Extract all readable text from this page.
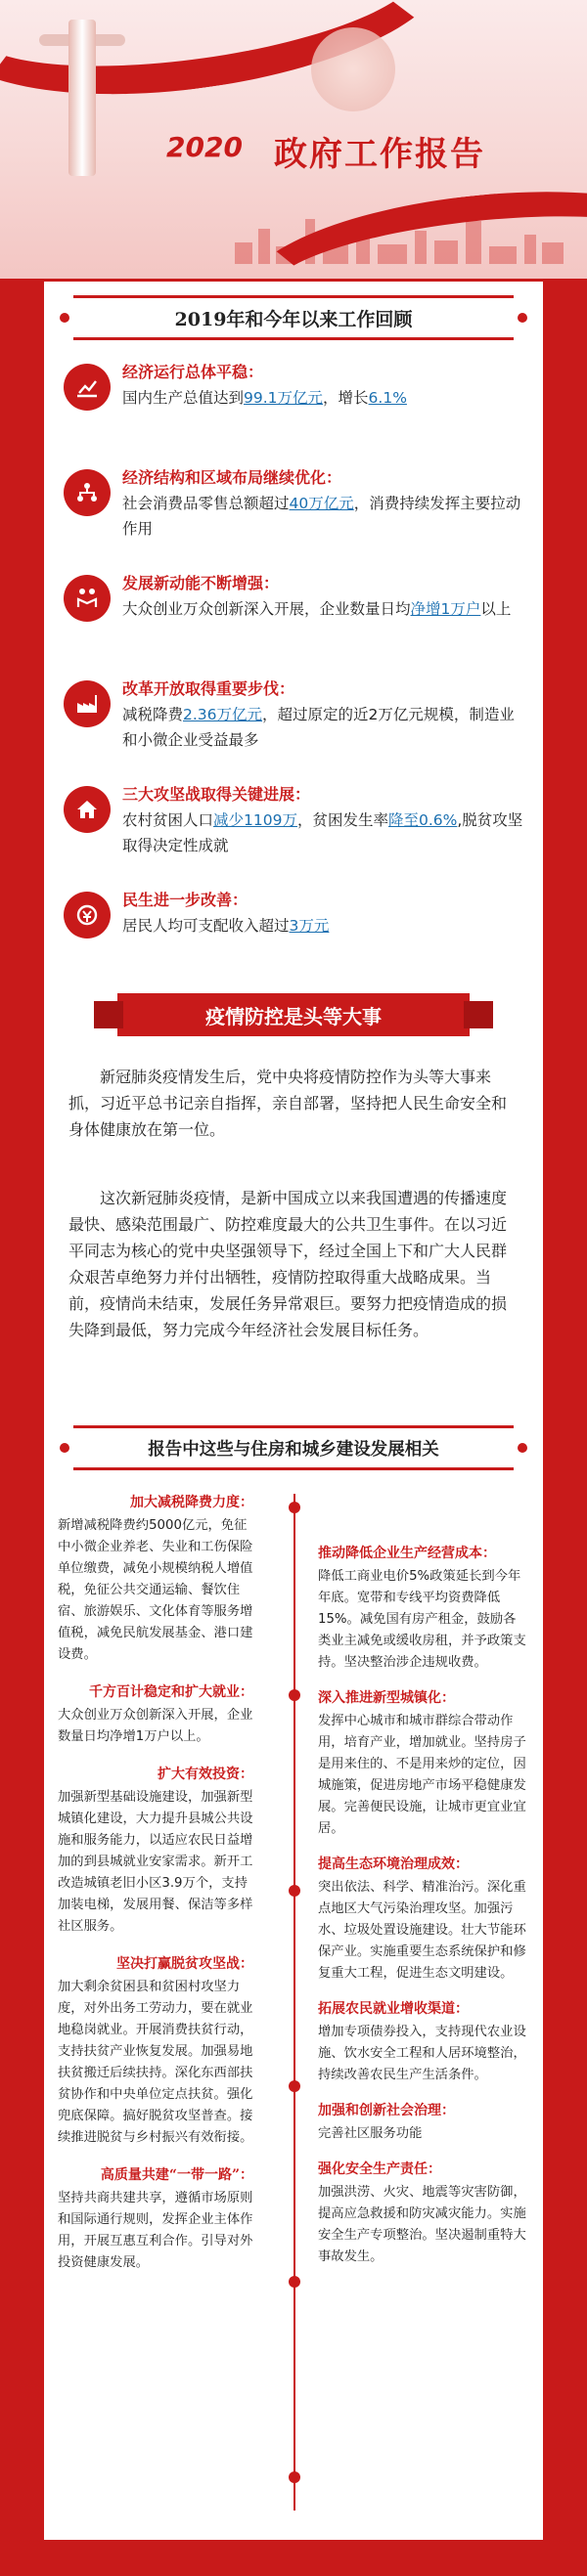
2020 政府工作报告
2019年和今年以来工作回顾
经济运行总体平稳：
国内生产总值达到99.1万亿元，增长6.1%
经济结构和区域布局继续优化：
社会消费品零售总额超过40万亿元，消费持续发挥主要拉动作用
发展新动能不断增强：
大众创业万众创新深入开展，企业数量日均净增1万户以上
改革开放取得重要步伐：
减税降费2.36万亿元，超过原定的近2万亿元规模，制造业和小微企业受益最多
三大攻坚战取得关键进展：
农村贫困人口减少1109万，贫困发生率降至0.6%,脱贫攻坚取得决定性成就
民生进一步改善：
居民人均可支配收入超过3万元
疫情防控是头等大事

新冠肺炎疫情发生后，党中央将疫情防控作为头等大事来抓，习近平总书记亲自指挥，亲自部署，坚持把人民生命安全和身体健康放在第一位。

这次新冠肺炎疫情，是新中国成立以来我国遭遇的传播速度最快、感染范围最广、防控难度最大的公共卫生事件。在以习近平同志为核心的党中央坚强领导下，经过全国上下和广大人民群众艰苦卓绝努力并付出牺牲，疫情防控取得重大战略成果。当前，疫情尚未结束，发展任务异常艰巨。要努力把疫情造成的损失降到最低，努力完成今年经济社会发展目标任务。

报告中这些与住房和城乡建设发展相关
加大减税降费力度：
新增减税降费约5000亿元，免征中小微企业养老、失业和工伤保险单位缴费，减免小规模纳税人增值税，免征公共交通运输、餐饮住宿、旅游娱乐、文化体育等服务增值税，减免民航发展基金、港口建设费。
千方百计稳定和扩大就业：
大众创业万众创新深入开展，企业数量日均净增1万户以上。
扩大有效投资：
加强新型基础设施建设，加强新型城镇化建设，大力提升县城公共设施和服务能力，以适应农民日益增加的到县城就业安家需求。新开工改造城镇老旧小区3.9万个，支持加装电梯，发展用餐、保洁等多样社区服务。
坚决打赢脱贫攻坚战：
加大剩余贫困县和贫困村攻坚力度，对外出务工劳动力，要在就业地稳岗就业。开展消费扶贫行动，支持扶贫产业恢复发展。加强易地扶贫搬迁后续扶持。深化东西部扶贫协作和中央单位定点扶贫。强化兜底保障。搞好脱贫攻坚普查。接续推进脱贫与乡村振兴有效衔接。
高质量共建“一带一路”：
坚持共商共建共享，遵循市场原则和国际通行规则，发挥企业主体作用，开展互惠互利合作。引导对外投资健康发展。
推动降低企业生产经营成本：
降低工商业电价5%政策延长到今年年底。宽带和专线平均资费降低15%。减免国有房产租金，鼓励各类业主减免或缓收房租，并予政策支持。坚决整治涉企违规收费。
深入推进新型城镇化：
发挥中心城市和城市群综合带动作用，培育产业，增加就业。坚持房子是用来住的、不是用来炒的定位，因城施策，促进房地产市场平稳健康发展。完善便民设施，让城市更宜业宜居。
提高生态环境治理成效：
突出依法、科学、精准治污。深化重点地区大气污染治理攻坚。加强污水、垃圾处置设施建设。壮大节能环保产业。实施重要生态系统保护和修复重大工程，促进生态文明建设。
拓展农民就业增收渠道：
增加专项债券投入，支持现代农业设施、饮水安全工程和人居环境整治，持续改善农民生产生活条件。
加强和创新社会治理：
完善社区服务功能
强化安全生产责任：
加强洪涝、火灾、地震等灾害防御，提高应急救援和防灾减灾能力。实施安全生产专项整治。坚决遏制重特大事故发生。
